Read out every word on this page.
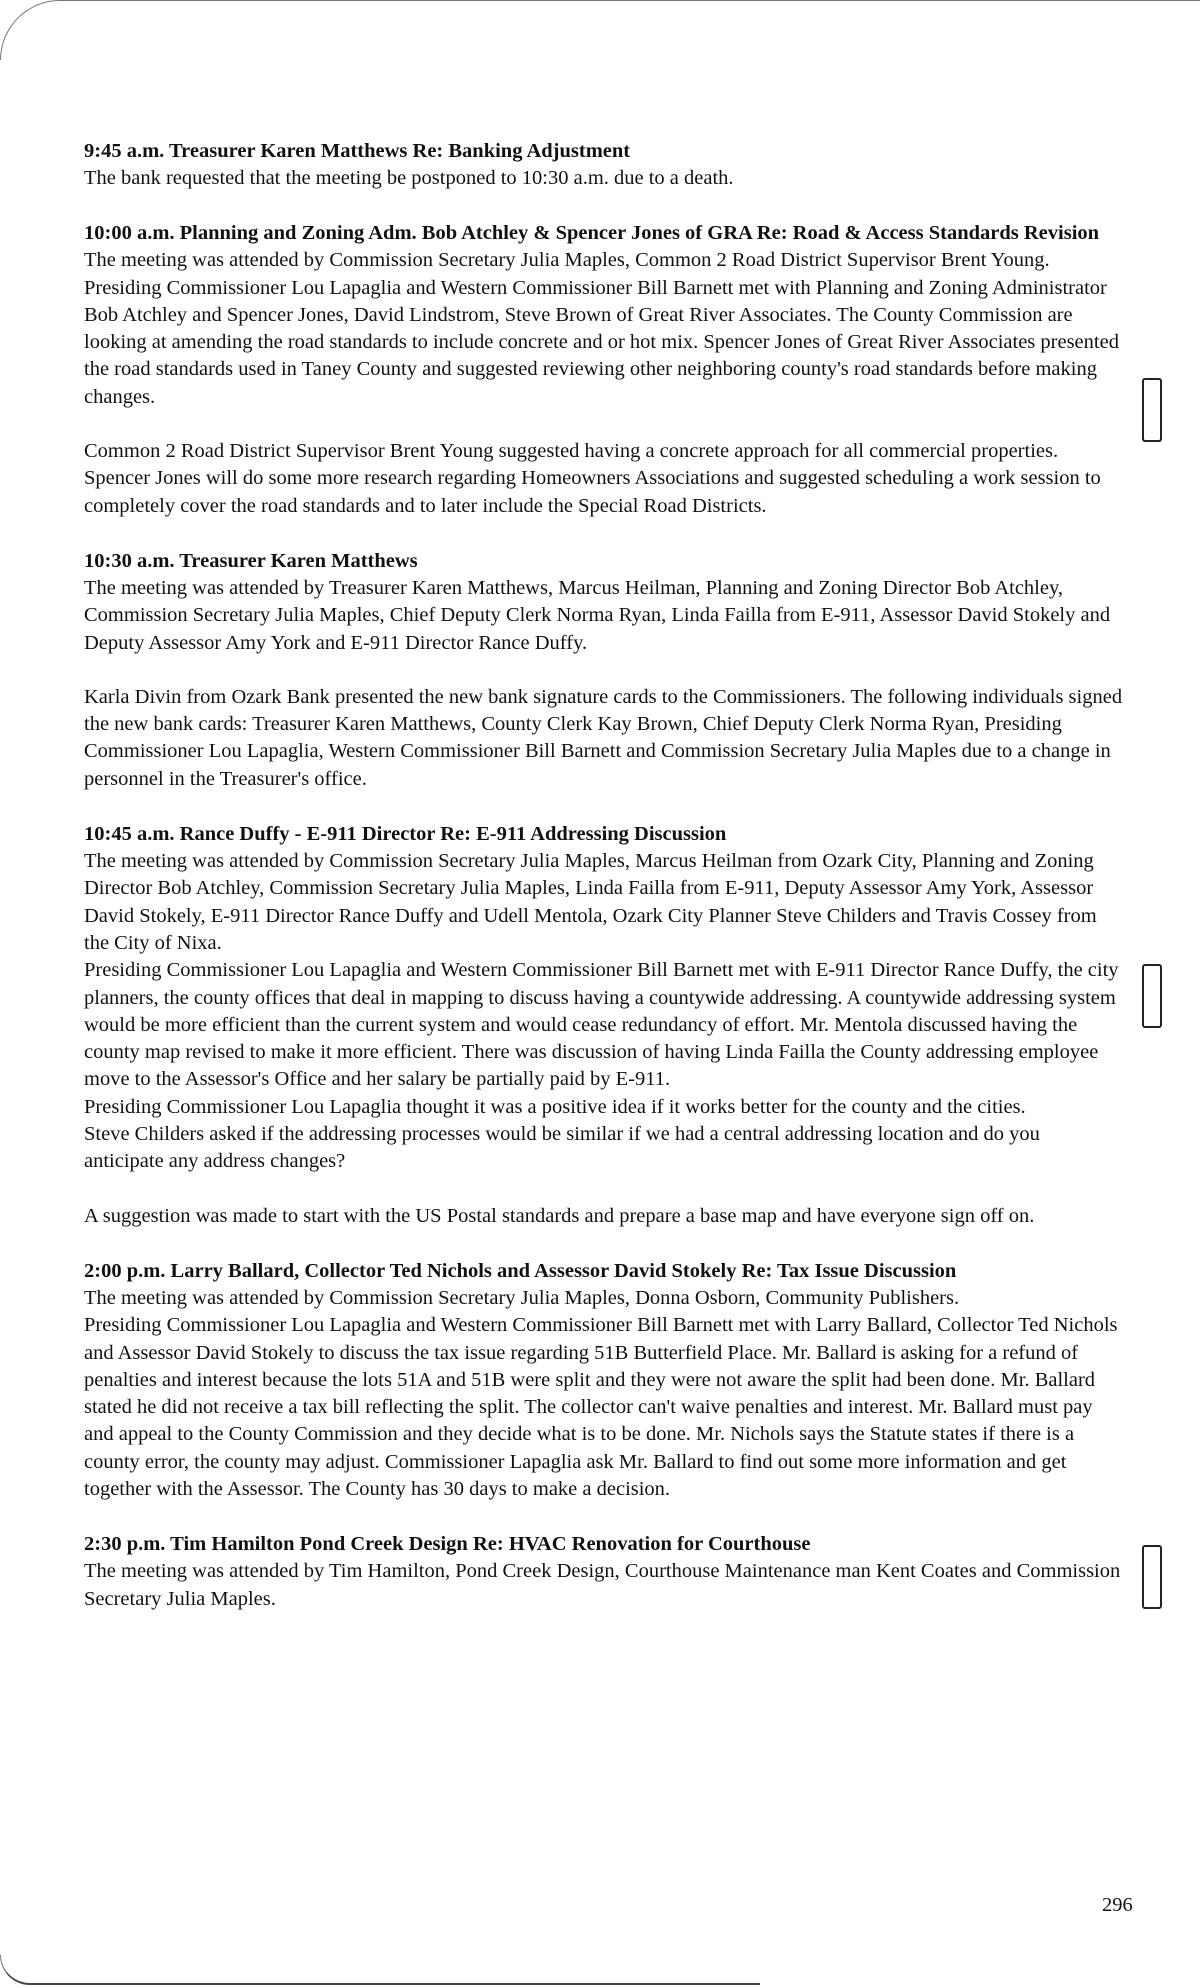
9:45 a.m. Treasurer Karen Matthews Re: Banking Adjustment

The bank requested that the meeting be postponed to 10:30 a.m. due to a death.

10:00 a.m. Planning and Zoning Adm. Bob Atchley & Spencer Jones of GRA Re: Road & Access Standards Revision

The meeting was attended by Commission Secretary Julia Maples, Common 2 Road District Supervisor Brent Young.

Presiding Commissioner Lou Lapaglia and Western Commissioner Bill Barnett met with Planning and Zoning Administrator Bob Atchley and Spencer Jones, David Lindstrom, Steve Brown of Great River Associates. The County Commission are looking at amending the road standards to include concrete and or hot mix. Spencer Jones of Great River Associates presented the road standards used in Taney County and suggested reviewing other neighboring county's road standards before making changes.

Common 2 Road District Supervisor Brent Young suggested having a concrete approach for all commercial properties. Spencer Jones will do some more research regarding Homeowners Associations and suggested scheduling a work session to completely cover the road standards and to later include the Special Road Districts.

10:30 a.m. Treasurer Karen Matthews

The meeting was attended by Treasurer Karen Matthews, Marcus Heilman, Planning and Zoning Director Bob Atchley, Commission Secretary Julia Maples, Chief Deputy Clerk Norma Ryan, Linda Failla from E-911, Assessor David Stokely and Deputy Assessor Amy York and E-911 Director Rance Duffy.

Karla Divin from Ozark Bank presented the new bank signature cards to the Commissioners. The following individuals signed the new bank cards: Treasurer Karen Matthews, County Clerk Kay Brown, Chief Deputy Clerk Norma Ryan, Presiding Commissioner Lou Lapaglia, Western Commissioner Bill Barnett and Commission Secretary Julia Maples due to a change in personnel in the Treasurer's office.

10:45 a.m. Rance Duffy - E-911 Director Re: E-911 Addressing Discussion

The meeting was attended by Commission Secretary Julia Maples, Marcus Heilman from Ozark City, Planning and Zoning Director Bob Atchley, Commission Secretary Julia Maples, Linda Failla from E-911, Deputy Assessor Amy York, Assessor David Stokely, E-911 Director Rance Duffy and Udell Mentola, Ozark City Planner Steve Childers and Travis Cossey from the City of Nixa.

Presiding Commissioner Lou Lapaglia and Western Commissioner Bill Barnett met with E-911 Director Rance Duffy, the city planners, the county offices that deal in mapping to discuss having a countywide addressing. A countywide addressing system would be more efficient than the current system and would cease redundancy of effort. Mr. Mentola discussed having the county map revised to make it more efficient. There was discussion of having Linda Failla the County addressing employee move to the Assessor's Office and her salary be partially paid by E-911.

Presiding Commissioner Lou Lapaglia thought it was a positive idea if it works better for the county and the cities.

Steve Childers asked if the addressing processes would be similar if we had a central addressing location and do you anticipate any address changes?

A suggestion was made to start with the US Postal standards and prepare a base map and have everyone sign off on.

2:00 p.m. Larry Ballard, Collector Ted Nichols and Assessor David Stokely Re: Tax Issue Discussion

The meeting was attended by Commission Secretary Julia Maples, Donna Osborn, Community Publishers.

Presiding Commissioner Lou Lapaglia and Western Commissioner Bill Barnett met with Larry Ballard, Collector Ted Nichols and Assessor David Stokely to discuss the tax issue regarding 51B Butterfield Place. Mr. Ballard is asking for a refund of penalties and interest because the lots 51A and 51B were split and they were not aware the split had been done. Mr. Ballard stated he did not receive a tax bill reflecting the split. The collector can't waive penalties and interest. Mr. Ballard must pay and appeal to the County Commission and they decide what is to be done. Mr. Nichols says the Statute states if there is a county error, the county may adjust. Commissioner Lapaglia ask Mr. Ballard to find out some more information and get together with the Assessor. The County has 30 days to make a decision.

2:30 p.m. Tim Hamilton Pond Creek Design Re: HVAC Renovation for Courthouse

The meeting was attended by Tim Hamilton, Pond Creek Design, Courthouse Maintenance man Kent Coates and Commission Secretary Julia Maples.

296
